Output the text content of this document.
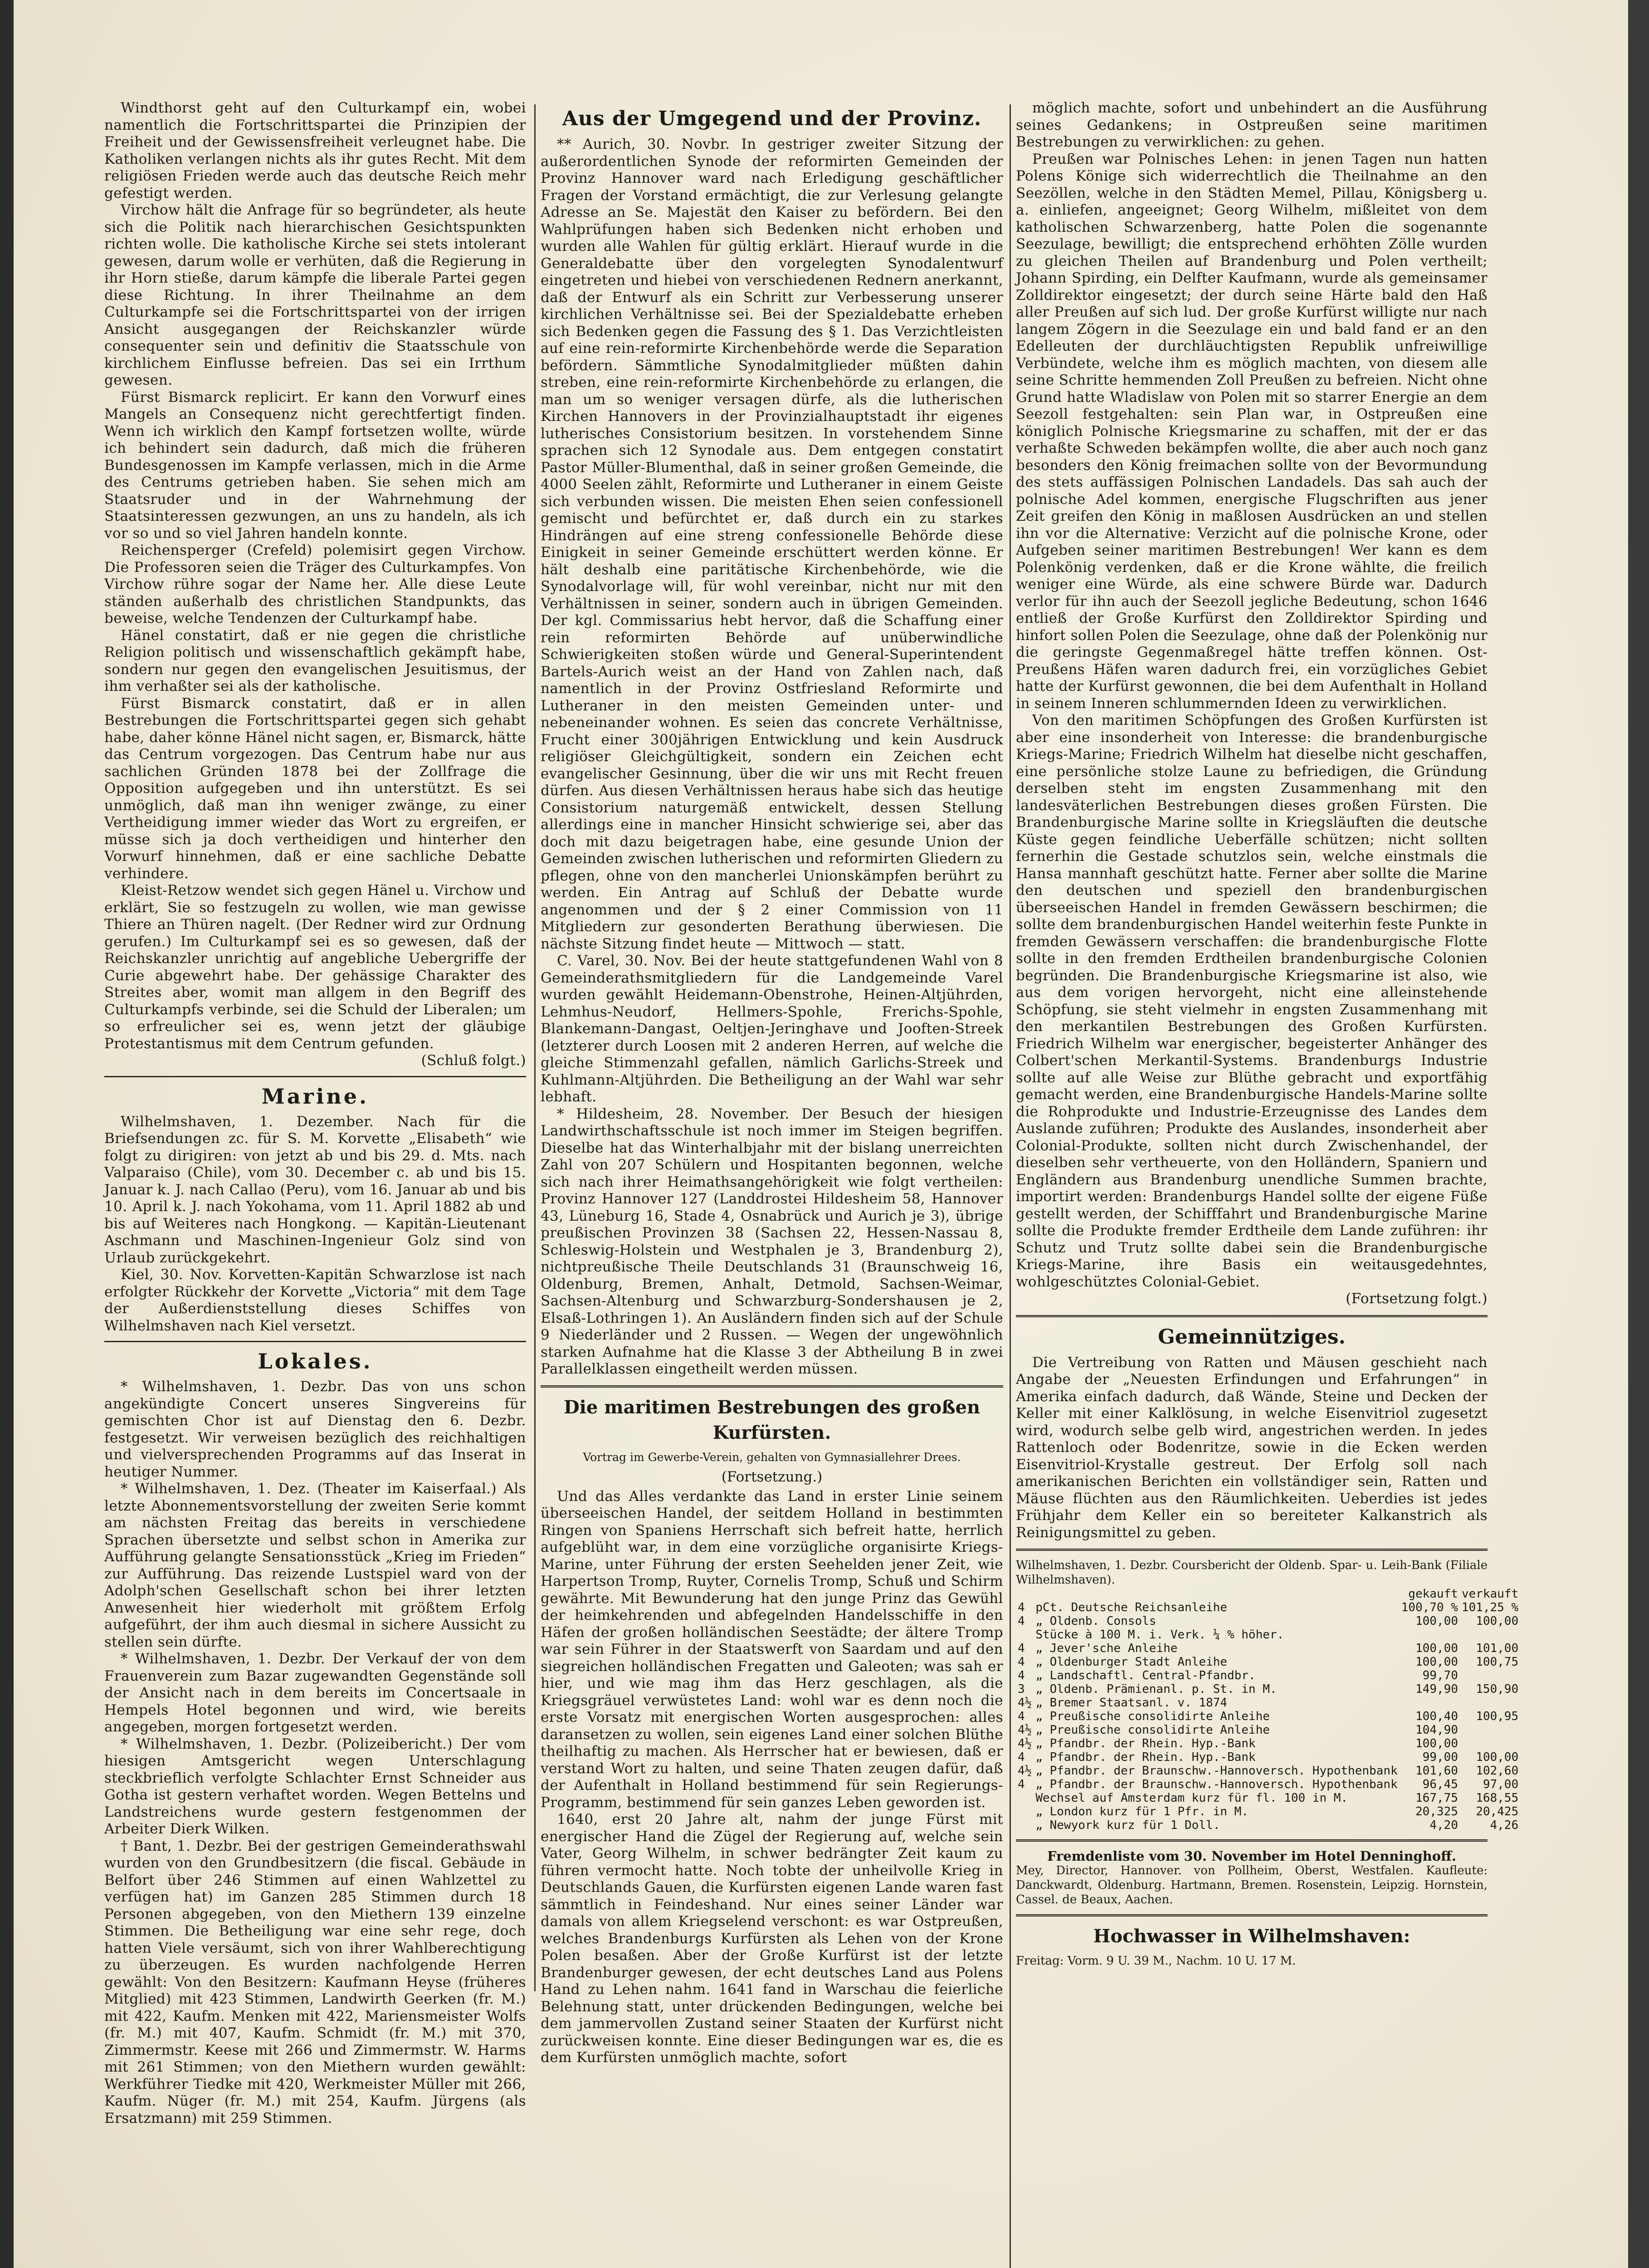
Windthorst geht auf den Culturkampf ein, wobei namentlich die Fortschrittspartei die Prinzipien der Freiheit und der Gewissensfreiheit verleugnet habe. Die Katholiken verlangen nichts als ihr gutes Recht. Mit dem religiösen Frieden werde auch das deutsche Reich mehr gefestigt werden.

Virchow hält die Anfrage für so begründeter, als heute sich die Politik nach hierarchischen Gesichtspunkten richten wolle. Die katholische Kirche sei stets intolerant gewesen, darum wolle er verhüten, daß die Regierung in ihr Horn stieße, darum kämpfe die liberale Partei gegen diese Richtung. In ihrer Theilnahme an dem Culturkampfe sei die Fortschrittspartei von der irrigen Ansicht ausgegangen der Reichskanzler würde consequenter sein und definitiv die Staatsschule von kirchlichem Einflusse befreien. Das sei ein Irrthum gewesen.

Fürst Bismarck replicirt. Er kann den Vorwurf eines Mangels an Consequenz nicht gerechtfertigt finden. Wenn ich wirklich den Kampf fortsetzen wollte, würde ich behindert sein dadurch, daß mich die früheren Bundesgenossen im Kampfe verlassen, mich in die Arme des Centrums getrieben haben. Sie sehen mich am Staatsruder und in der Wahrnehmung der Staatsinteressen gezwungen, an uns zu handeln, als ich vor so und so viel Jahren handeln konnte.

Reichensperger (Crefeld) polemisirt gegen Virchow. Die Professoren seien die Träger des Culturkampfes. Von Virchow rühre sogar der Name her. Alle diese Leute ständen außerhalb des christlichen Standpunkts, das beweise, welche Tendenzen der Culturkampf habe.

Hänel constatirt, daß er nie gegen die christliche Religion politisch und wissenschaftlich gekämpft habe, sondern nur gegen den evangelischen Jesuitismus, der ihm verhaßter sei als der katholische.

Fürst Bismarck constatirt, daß er in allen Bestrebungen die Fortschrittspartei gegen sich gehabt habe, daher könne Hänel nicht sagen, er, Bismarck, hätte das Centrum vorgezogen. Das Centrum habe nur aus sachlichen Gründen 1878 bei der Zollfrage die Opposition aufgegeben und ihn unterstützt. Es sei unmöglich, daß man ihn weniger zwänge, zu einer Vertheidigung immer wieder das Wort zu ergreifen, er müsse sich ja doch vertheidigen und hinterher den Vorwurf hinnehmen, daß er eine sachliche Debatte verhindere.

Kleist-Retzow wendet sich gegen Hänel u. Virchow und erklärt, Sie so festzugeln zu wollen, wie man gewisse Thiere an Thüren nagelt. (Der Redner wird zur Ordnung gerufen.) Im Culturkampf sei es so gewesen, daß der Reichskanzler unrichtig auf angebliche Uebergriffe der Curie abgewehrt habe. Der gehässige Charakter des Streites aber, womit man allgem in den Begriff des Culturkampfs verbinde, sei die Schuld der Liberalen; um so erfreulicher sei es, wenn jetzt der gläubige Protestantismus mit dem Centrum gefunden.

(Schluß folgt.)

Marine.

Wilhelmshaven, 1. Dezember. Nach für die Briefsendungen zc. für S. M. Korvette „Elisabeth“ wie folgt zu dirigiren: von jetzt ab und bis 29. d. Mts. nach Valparaiso (Chile), vom 30. December c. ab und bis 15. Januar k. J. nach Callao (Peru), vom 16. Januar ab und bis 10. April k. J. nach Yokohama, vom 11. April 1882 ab und bis auf Weiteres nach Hongkong. — Kapitän-Lieutenant Aschmann und Maschinen-Ingenieur Golz sind von Urlaub zurückgekehrt.

Kiel, 30. Nov. Korvetten-Kapitän Schwarzlose ist nach erfolgter Rückkehr der Korvette „Victoria“ mit dem Tage der Außerdienststellung dieses Schiffes von Wilhelmshaven nach Kiel versetzt.

Lokales.

* Wilhelmshaven, 1. Dezbr. Das von uns schon angekündigte Concert unseres Singvereins für gemischten Chor ist auf Dienstag den 6. Dezbr. festgesetzt. Wir verweisen bezüglich des reichhaltigen und vielversprechenden Programms auf das Inserat in heutiger Nummer.

* Wilhelmshaven, 1. Dez. (Theater im Kaiserfaal.) Als letzte Abonnementsvorstellung der zweiten Serie kommt am nächsten Freitag das bereits in verschiedene Sprachen übersetzte und selbst schon in Amerika zur Aufführung gelangte Sensationsstück „Krieg im Frieden“ zur Aufführung. Das reizende Lustspiel ward von der Adolph'schen Gesellschaft schon bei ihrer letzten Anwesenheit hier wiederholt mit größtem Erfolg aufgeführt, der ihm auch diesmal in sichere Aussicht zu stellen sein dürfte.

* Wilhelmshaven, 1. Dezbr. Der Verkauf der von dem Frauenverein zum Bazar zugewandten Gegenstände soll der Ansicht nach in dem bereits im Concertsaale in Hempels Hotel begonnen und wird, wie bereits angegeben, morgen fortgesetzt werden.

* Wilhelmshaven, 1. Dezbr. (Polizeibericht.) Der vom hiesigen Amtsgericht wegen Unterschlagung steckbrieflich verfolgte Schlachter Ernst Schneider aus Gotha ist gestern verhaftet worden. Wegen Bettelns und Landstreichens wurde gestern festgenommen der Arbeiter Dierk Wilken.

† Bant, 1. Dezbr. Bei der gestrigen Gemeinderathswahl wurden von den Grundbesitzern (die fiscal. Gebäude in Belfort über 246 Stimmen auf einen Wahlzettel zu verfügen hat) im Ganzen 285 Stimmen durch 18 Personen abgegeben, von den Miethern 139 einzelne Stimmen. Die Betheiligung war eine sehr rege, doch hatten Viele versäumt, sich von ihrer Wahlberechtigung zu überzeugen. Es wurden nachfolgende Herren gewählt: Von den Besitzern: Kaufmann Heyse (früheres Mitglied) mit 423 Stimmen, Landwirth Geerken (fr. M.) mit 422, Kaufm. Menken mit 422, Mariensmeister Wolfs (fr. M.) mit 407, Kaufm. Schmidt (fr. M.) mit 370, Zimmermstr. Keese mit 266 und Zimmermstr. W. Harms mit 261 Stimmen; von den Miethern wurden gewählt: Werkführer Tiedke mit 420, Werkmeister Müller mit 266, Kaufm. Nüger (fr. M.) mit 254, Kaufm. Jürgens (als Ersatzmann) mit 259 Stimmen.

Aus der Umgegend und der Provinz.

** Aurich, 30. Novbr. In gestriger zweiter Sitzung der außerordentlichen Synode der reformirten Gemeinden der Provinz Hannover ward nach Erledigung geschäftlicher Fragen der Vorstand ermächtigt, die zur Verlesung gelangte Adresse an Se. Majestät den Kaiser zu befördern. Bei den Wahlprüfungen haben sich Bedenken nicht erhoben und wurden alle Wahlen für gültig erklärt. Hierauf wurde in die Generaldebatte über den vorgelegten Synodalentwurf eingetreten und hiebei von verschiedenen Rednern anerkannt, daß der Entwurf als ein Schritt zur Verbesserung unserer kirchlichen Verhältnisse sei. Bei der Spezialdebatte erheben sich Bedenken gegen die Fassung des § 1. Das Verzichtleisten auf eine rein-reformirte Kirchenbehörde werde die Separation befördern. Sämmtliche Synodalmitglieder müßten dahin streben, eine rein-reformirte Kirchenbehörde zu erlangen, die man um so weniger versagen dürfe, als die lutherischen Kirchen Hannovers in der Provinzialhauptstadt ihr eigenes lutherisches Consistorium besitzen. In vorstehendem Sinne sprachen sich 12 Synodale aus. Dem entgegen constatirt Pastor Müller-Blumenthal, daß in seiner großen Gemeinde, die 4000 Seelen zählt, Reformirte und Lutheraner in einem Geiste sich verbunden wissen. Die meisten Ehen seien confessionell gemischt und befürchtet er, daß durch ein zu starkes Hindrängen auf eine streng confessionelle Behörde diese Einigkeit in seiner Gemeinde erschüttert werden könne. Er hält deshalb eine paritätische Kirchenbehörde, wie die Synodalvorlage will, für wohl vereinbar, nicht nur mit den Verhältnissen in seiner, sondern auch in übrigen Gemeinden. Der kgl. Commissarius hebt hervor, daß die Schaffung einer rein reformirten Behörde auf unüberwindliche Schwierigkeiten stoßen würde und General-Superintendent Bartels-Aurich weist an der Hand von Zahlen nach, daß namentlich in der Provinz Ostfriesland Reformirte und Lutheraner in den meisten Gemeinden unter- und nebeneinander wohnen. Es seien das concrete Verhältnisse, Frucht einer 300jährigen Entwicklung und kein Ausdruck religiöser Gleichgültigkeit, sondern ein Zeichen echt evangelischer Gesinnung, über die wir uns mit Recht freuen dürfen. Aus diesen Verhältnissen heraus habe sich das heutige Consistorium naturgemäß entwickelt, dessen Stellung allerdings eine in mancher Hinsicht schwierige sei, aber das doch mit dazu beigetragen habe, eine gesunde Union der Gemeinden zwischen lutherischen und reformirten Gliedern zu pflegen, ohne von den mancherlei Unionskämpfen berührt zu werden. Ein Antrag auf Schluß der Debatte wurde angenommen und der § 2 einer Commission von 11 Mitgliedern zur gesonderten Berathung überwiesen. Die nächste Sitzung findet heute — Mittwoch — statt.

C. Varel, 30. Nov. Bei der heute stattgefundenen Wahl von 8 Gemeinderathsmitgliedern für die Landgemeinde Varel wurden gewählt Heidemann-Obenstrohe, Heinen-Altjührden, Lehmhus-Neudorf, Hellmers-Spohle, Frerichs-Spohle, Blankemann-Dangast, Oeltjen-Jeringhave und Jooften-Streek (letzterer durch Loosen mit 2 anderen Herren, auf welche die gleiche Stimmenzahl gefallen, nämlich Garlichs-Streek und Kuhlmann-Altjührden. Die Betheiligung an der Wahl war sehr lebhaft.

* Hildesheim, 28. November. Der Besuch der hiesigen Landwirthschaftsschule ist noch immer im Steigen begriffen. Dieselbe hat das Winterhalbjahr mit der bislang unerreichten Zahl von 207 Schülern und Hospitanten begonnen, welche sich nach ihrer Heimathsangehörigkeit wie folgt vertheilen: Provinz Hannover 127 (Landdrostei Hildesheim 58, Hannover 43, Lüneburg 16, Stade 4, Osnabrück und Aurich je 3), übrige preußischen Provinzen 38 (Sachsen 22, Hessen-Nassau 8, Schleswig-Holstein und Westphalen je 3, Brandenburg 2), nichtpreußische Theile Deutschlands 31 (Braunschweig 16, Oldenburg, Bremen, Anhalt, Detmold, Sachsen-Weimar, Sachsen-Altenburg und Schwarzburg-Sondershausen je 2, Elsaß-Lothringen 1). An Ausländern finden sich auf der Schule 9 Niederländer und 2 Russen. — Wegen der ungewöhnlich starken Aufnahme hat die Klasse 3 der Abtheilung B in zwei Parallelklassen eingetheilt werden müssen.

Die maritimen Bestrebungen des großen Kurfürsten.
Vortrag im Gewerbe-Verein, gehalten von Gymnasiallehrer Drees.
(Fortsetzung.)

Und das Alles verdankte das Land in erster Linie seinem überseeischen Handel, der seitdem Holland in bestimmten Ringen von Spaniens Herrschaft sich befreit hatte, herrlich aufgeblüht war, in dem eine vorzügliche organisirte Kriegs-Marine, unter Führung der ersten Seehelden jener Zeit, wie Harpertson Tromp, Ruyter, Cornelis Tromp, Schuß und Schirm gewährte. Mit Bewunderung hat den junge Prinz das Gewühl der heimkehrenden und abfegelnden Handelsschiffe in den Häfen der großen holländischen Seestädte; der ältere Tromp war sein Führer in der Staatswerft von Saardam und auf den siegreichen holländischen Fregatten und Galeoten; was sah er hier, und wie mag ihm das Herz geschlagen, als die Kriegsgräuel verwüstetes Land: wohl war es denn noch die erste Vorsatz mit energischen Worten ausgesprochen: alles daransetzen zu wollen, sein eigenes Land einer solchen Blüthe theilhaftig zu machen. Als Herrscher hat er bewiesen, daß er verstand Wort zu halten, und seine Thaten zeugen dafür, daß der Aufenthalt in Holland bestimmend für sein Regierungs-Programm, bestimmend für sein ganzes Leben geworden ist.

1640, erst 20 Jahre alt, nahm der junge Fürst mit energischer Hand die Zügel der Regierung auf, welche sein Vater, Georg Wilhelm, in schwer bedrängter Zeit kaum zu führen vermocht hatte. Noch tobte der unheilvolle Krieg in Deutschlands Gauen, die Kurfürsten eigenen Lande waren fast sämmtlich in Feindeshand. Nur eines seiner Länder war damals von allem Kriegselend verschont: es war Ostpreußen, welches Brandenburgs Kurfürsten als Lehen von der Krone Polen besaßen. Aber der Große Kurfürst ist der letzte Brandenburger gewesen, der echt deutsches Land aus Polens Hand zu Lehen nahm. 1641 fand in Warschau die feierliche Belehnung statt, unter drückenden Bedingungen, welche bei dem jammervollen Zustand seiner Staaten der Kurfürst nicht zurückweisen konnte. Eine dieser Bedingungen war es, die es dem Kurfürsten unmöglich machte, sofort

möglich machte, sofort und unbehindert an die Ausführung seines Gedankens; in Ostpreußen seine maritimen Bestrebungen zu verwirklichen: zu gehen.

Preußen war Polnisches Lehen: in jenen Tagen nun hatten Polens Könige sich widerrechtlich die Theilnahme an den Seezöllen, welche in den Städten Memel, Pillau, Königsberg u. a. einliefen, angeeignet; Georg Wilhelm, mißleitet von dem katholischen Schwarzenberg, hatte Polen die sogenannte Seezulage, bewilligt; die entsprechend erhöhten Zölle wurden zu gleichen Theilen auf Brandenburg und Polen vertheilt; Johann Spirding, ein Delfter Kaufmann, wurde als gemeinsamer Zolldirektor eingesetzt; der durch seine Härte bald den Haß aller Preußen auf sich lud. Der große Kurfürst willigte nur nach langem Zögern in die Seezulage ein und bald fand er an den Edelleuten der durchläuchtigsten Republik unfreiwillige Verbündete, welche ihm es möglich machten, von diesem alle seine Schritte hemmenden Zoll Preußen zu befreien. Nicht ohne Grund hatte Wladislaw von Polen mit so starrer Energie an dem Seezoll festgehalten: sein Plan war, in Ostpreußen eine königlich Polnische Kriegsmarine zu schaffen, mit der er das verhaßte Schweden bekämpfen wollte, die aber auch noch ganz besonders den König freimachen sollte von der Bevormundung des stets auffässigen Polnischen Landadels. Das sah auch der polnische Adel kommen, energische Flugschriften aus jener Zeit greifen den König in maßlosen Ausdrücken an und stellen ihn vor die Alternative: Verzicht auf die polnische Krone, oder Aufgeben seiner maritimen Bestrebungen! Wer kann es dem Polenkönig verdenken, daß er die Krone wählte, die freilich weniger eine Würde, als eine schwere Bürde war. Dadurch verlor für ihn auch der Seezoll jegliche Bedeutung, schon 1646 entließ der Große Kurfürst den Zolldirektor Spirding und hinfort sollen Polen die Seezulage, ohne daß der Polenkönig nur die geringste Gegenmaßregel hätte treffen können. Ost-Preußens Häfen waren dadurch frei, ein vorzügliches Gebiet hatte der Kurfürst gewonnen, die bei dem Aufenthalt in Holland in seinem Inneren schlummernden Ideen zu verwirklichen.

Von den maritimen Schöpfungen des Großen Kurfürsten ist aber eine insonderheit von Interesse: die brandenburgische Kriegs-Marine; Friedrich Wilhelm hat dieselbe nicht geschaffen, eine persönliche stolze Laune zu befriedigen, die Gründung derselben steht im engsten Zusammenhang mit den landesväterlichen Bestrebungen dieses großen Fürsten. Die Brandenburgische Marine sollte in Kriegsläuften die deutsche Küste gegen feindliche Ueberfälle schützen; nicht sollten fernerhin die Gestade schutzlos sein, welche einstmals die Hansa mannhaft geschützt hatte. Ferner aber sollte die Marine den deutschen und speziell den brandenburgischen überseeischen Handel in fremden Gewässern beschirmen; die sollte dem brandenburgischen Handel weiterhin feste Punkte in fremden Gewässern verschaffen: die brandenburgische Flotte sollte in den fremden Erdtheilen brandenburgische Colonien begründen. Die Brandenburgische Kriegsmarine ist also, wie aus dem vorigen hervorgeht, nicht eine alleinstehende Schöpfung, sie steht vielmehr in engsten Zusammenhang mit den merkantilen Bestrebungen des Großen Kurfürsten. Friedrich Wilhelm war energischer, begeisterter Anhänger des Colbert'schen Merkantil-Systems. Brandenburgs Industrie sollte auf alle Weise zur Blüthe gebracht und exportfähig gemacht werden, eine Brandenburgische Handels-Marine sollte die Rohprodukte und Industrie-Erzeugnisse des Landes dem Auslande zuführen; Produkte des Auslandes, insonderheit aber Colonial-Produkte, sollten nicht durch Zwischenhandel, der dieselben sehr vertheuerte, von den Holländern, Spaniern und Engländern aus Brandenburg unendliche Summen brachte, importirt werden: Brandenburgs Handel sollte der eigene Füße gestellt werden, der Schifffahrt und Brandenburgische Marine sollte die Produkte fremder Erdtheile dem Lande zuführen: ihr Schutz und Trutz sollte dabei sein die Brandenburgische Kriegs-Marine, ihre Basis ein weitausgedehntes, wohlgeschütztes Colonial-Gebiet.

(Fortsetzung folgt.)

Gemeinnütziges.

Die Vertreibung von Ratten und Mäusen geschieht nach Angabe der „Neuesten Erfindungen und Erfahrungen“ in Amerika einfach dadurch, daß Wände, Steine und Decken der Keller mit einer Kalklösung, in welche Eisenvitriol zugesetzt wird, wodurch selbe gelb wird, angestrichen werden. In jedes Rattenloch oder Bodenritze, sowie in die Ecken werden Eisenvitriol-Krystalle gestreut. Der Erfolg soll nach amerikanischen Berichten ein vollständiger sein, Ratten und Mäuse flüchten aus den Räumlichkeiten. Ueberdies ist jedes Frühjahr dem Keller ein so bereiteter Kalkanstrich als Reinigungsmittel zu geben.

Wilhelmshaven, 1. Dezbr. Coursbericht der Oldenb. Spar- u. Leih-Bank (Filiale Wilhelmshaven).
		gekauft	verkauft
4	pCt. Deutsche Reichsanleihe	100,70 %	101,25 %
4	„ Oldenb. Consols	100,00	100,00
	Stücke à 100 M. i. Verk. ¼ % höher.		
4	„ Jever'sche Anleihe	100,00	101,00
4	„ Oldenburger Stadt Anleihe	100,00	100,75
4	„ Landschaftl. Central-Pfandbr.	99,70	
3	„ Oldenb. Prämienanl. p. St. in M.	149,90	150,90
4½	„ Bremer Staatsanl. v. 1874		
4	„ Preußische consolidirte Anleihe	100,40	100,95
4½	„ Preußische consolidirte Anleihe	104,90	
4½	„ Pfandbr. der Rhein. Hyp.-Bank	100,00	
4	„ Pfandbr. der Rhein. Hyp.-Bank	99,00	100,00
4½	„ Pfandbr. der Braunschw.-Hannoversch. Hypothenbank	101,60	102,60
4	„ Pfandbr. der Braunschw.-Hannoversch. Hypothenbank	96,45	97,00
	Wechsel auf Amsterdam kurz für fl. 100 in M.	167,75	168,55
	„ London kurz für 1 Pfr. in M.	20,325	20,425
	„ Newyork kurz für 1 Doll.	4,20	4,26
Fremdenliste vom 30. November im Hotel Denninghoff.
Mey, Director, Hannover. von Pollheim, Oberst, Westfalen. Kaufleute: Danckwardt, Oldenburg. Hartmann, Bremen. Rosenstein, Leipzig. Hornstein, Cassel. de Beaux, Aachen.
Hochwasser in Wilhelmshaven:
Freitag: Vorm. 9 U. 39 M., Nachm. 10 U. 17 M.
